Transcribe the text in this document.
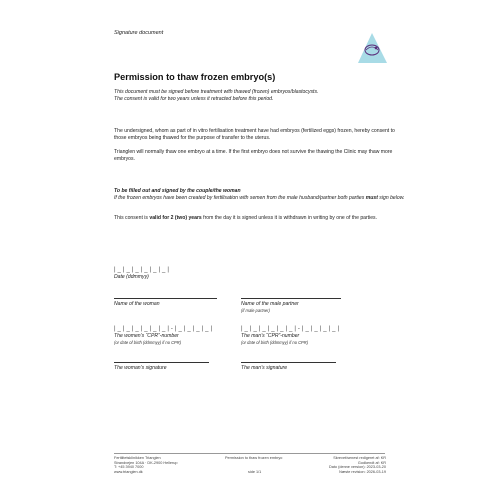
Signature document
Permission to thaw frozen embryo(s)
This document must be signed before treatment with thawed (frozen) embryos/blastocysts.
The consent is valid for two years unless it retracted before this period.
The undersigned, whom as part of in vitro fertilisation treatment have had embryos (fertilized eggs) frozen, hereby consent to those embryos being thawed for the purpose of transfer to the uterus.
Trianglen will normally thaw one embryo at a time. If the first embryo does not survive the thawing the Clinic may thaw more embryos.
To be filled out and signed by the couple/the woman
If the frozen embryos have been created by fertilisation with semen from the male husband/partner both parties must sign below.
This consent is valid for 2 (two) years from the day it is signed unless it is withdrawn in writing by one of the parties.
|_|_|_|_|_|_|
Date (ddmmyy)
Name of the woman	Name of the male partner
(if male partner)
|_|_|_|_|_|_|-|_|_|_|_|
The women’s “CPR”-number
(or date of birth (ddmmyy) if no CPR)
|_|_|_|_|_|_|-|_|_|_|_|
The man’s “CPR”-number
(or date of birth (ddmmyy) if no CPR)
The woman’s signature	The man’s signature
Fertilitetsklinikken Trianglen
Strandvejen 104A · DK-2900 Hellerup
T: +45 3940 7000
www.trianglen.dk
Permission to thaw frozen embryo
side 1/1
Skrevet/senest redigeret af: KR
Godkendt af: KR
Dato (denne version): 2023-03-20
Næste revision: 2026-03-19
